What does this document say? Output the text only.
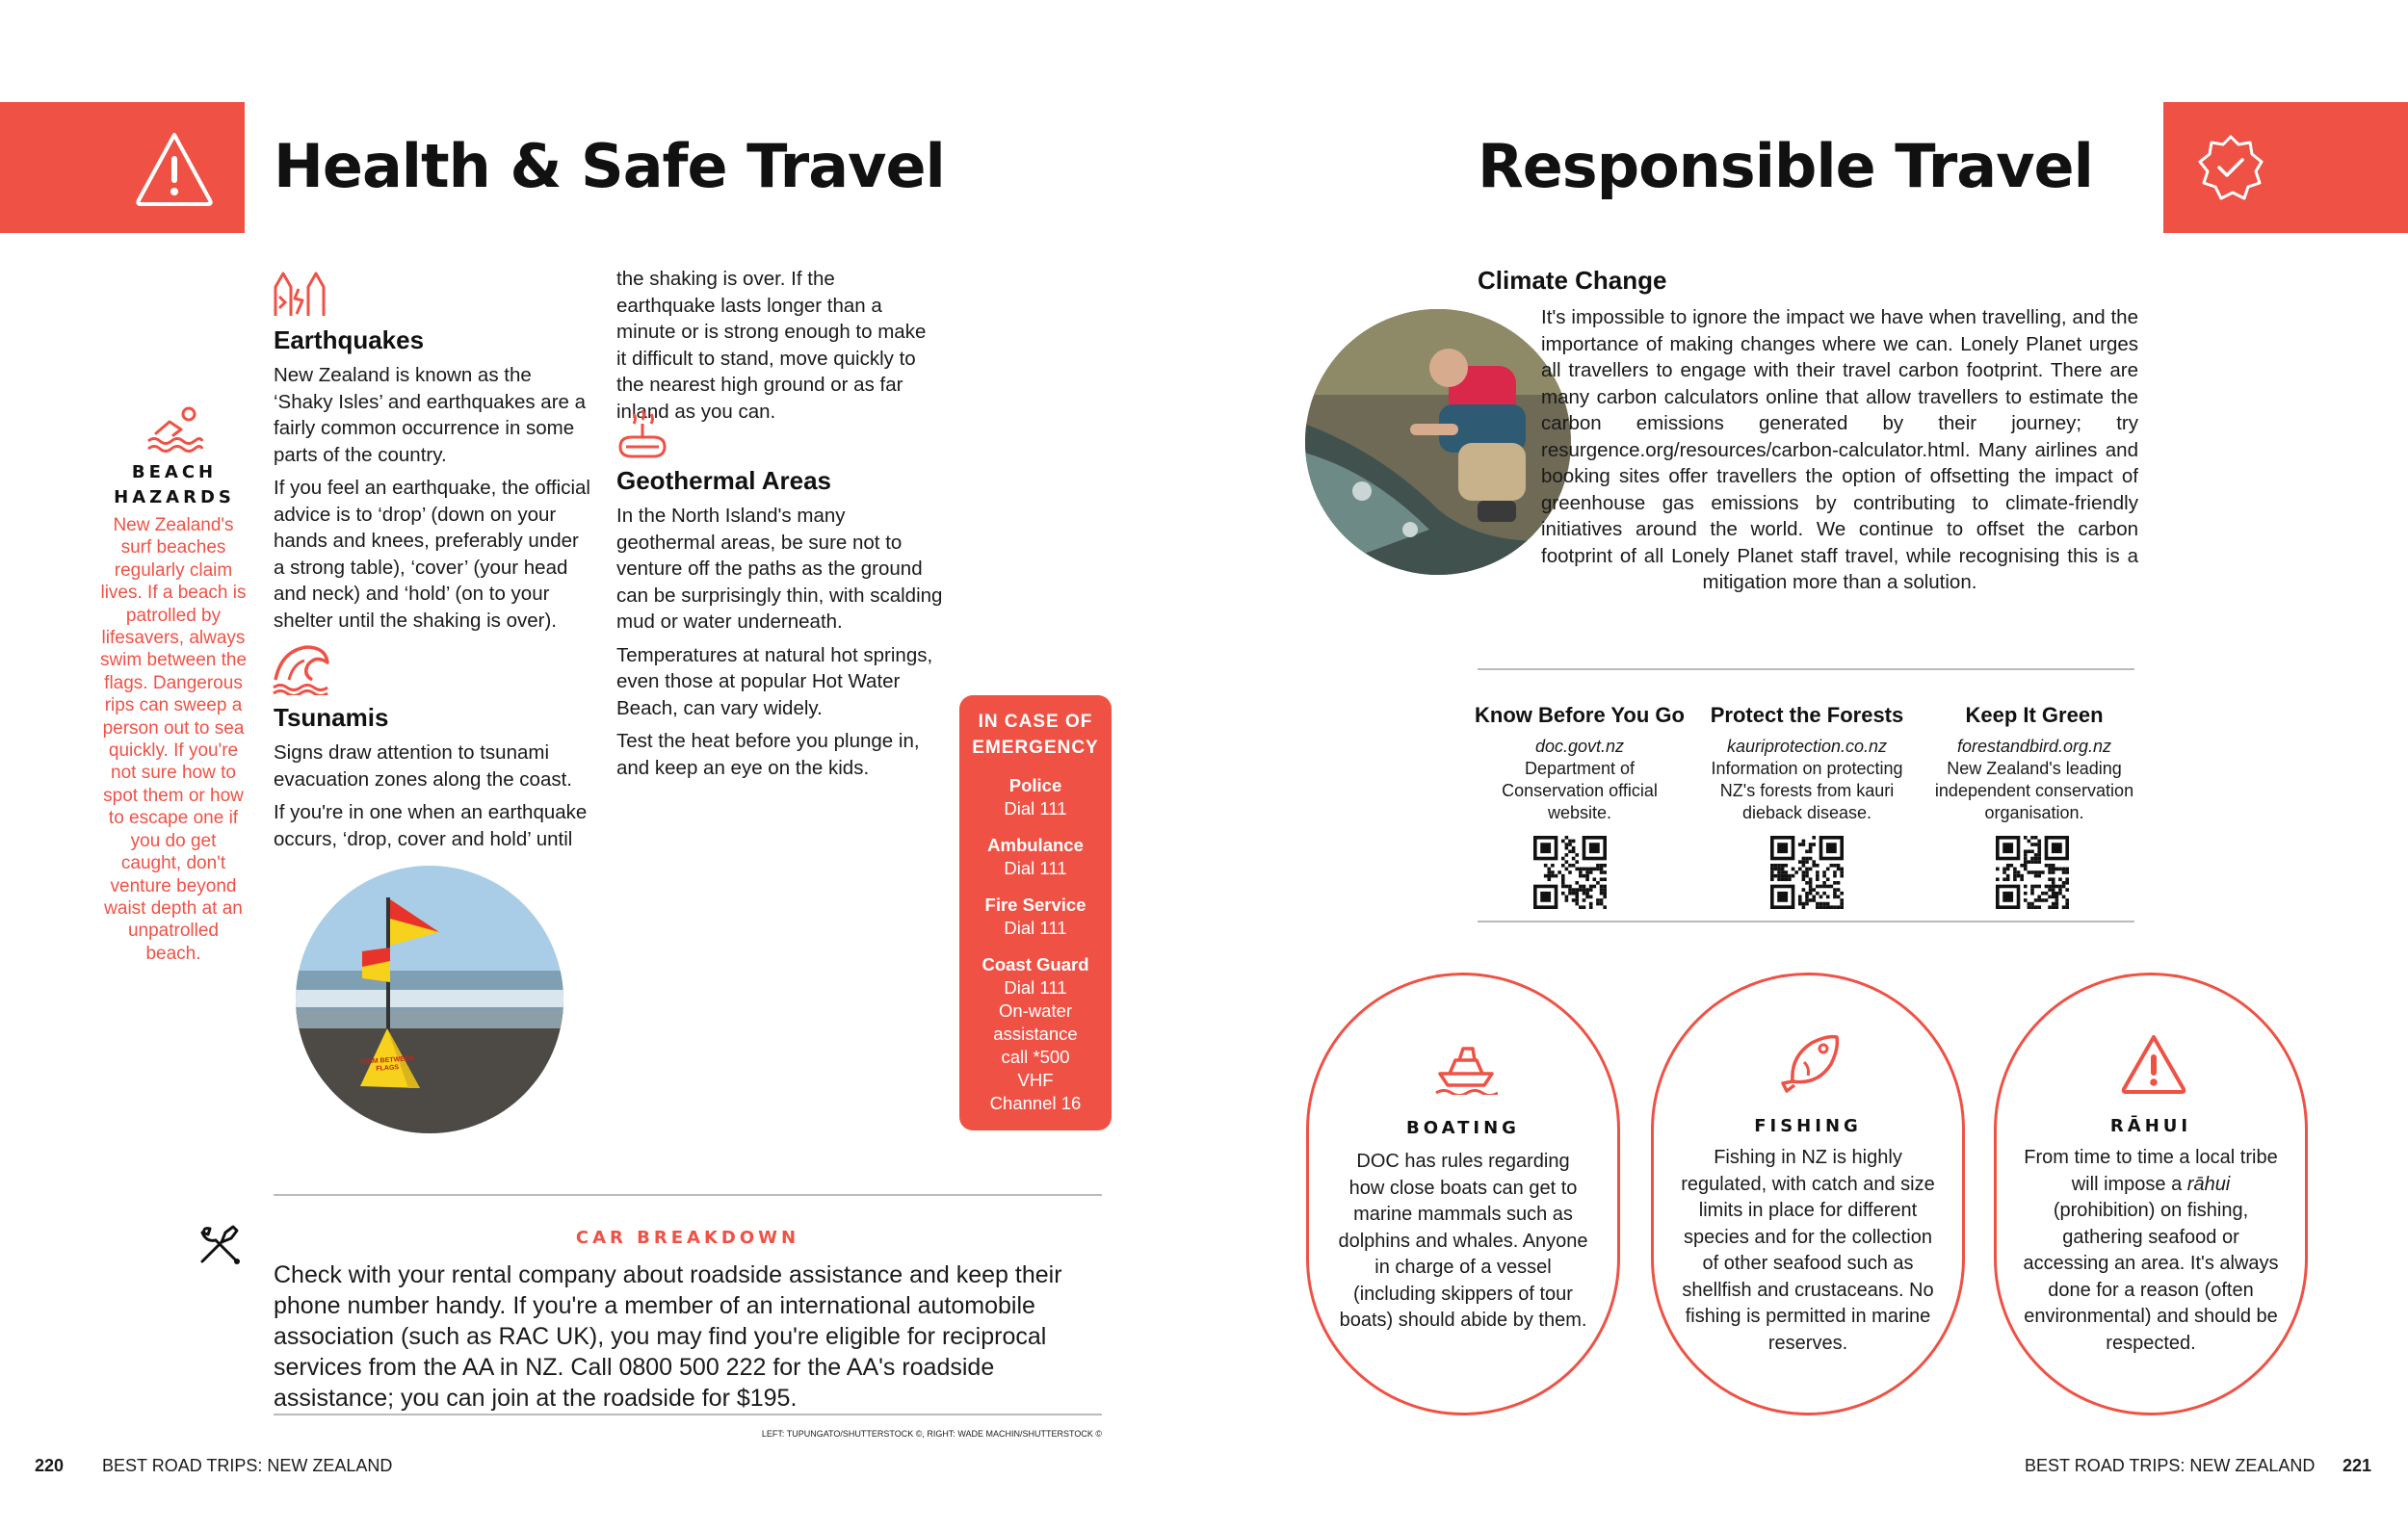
Health & Safe Travel
BEACH
HAZARDS
New Zealand's surf beaches regularly claim lives. If a beach is patrolled by lifesavers, always swim between the flags. Dangerous rips can sweep a person out to sea quickly. If you're not sure how to spot them or how to escape one if you do get caught, don't venture beyond waist depth at an unpatrolled beach.
Earthquakes

New Zealand is known as the ‘Shaky Isles’ and earthquakes are a fairly common occurrence in some parts of the country.

If you feel an earthquake, the official advice is to ‘drop’ (down on your hands and knees, preferably under a strong table), ‘cover’ (your head and neck) and ‘hold’ (on to your shelter until the shaking is over).

Tsunamis

Signs draw attention to tsunami evacuation zones along the coast.

If you're in one when an earthquake occurs, ‘drop, cover and hold’ until

SWIM BETWEEN FLAGS
the shaking is over. If the earthquake lasts longer than a minute or is strong enough to make it difficult to stand, move quickly to the nearest high ground or as far inland as you can.
Geothermal Areas

In the North Island's many geothermal areas, be sure not to venture off the paths as the ground can be surprisingly thin, with scalding mud or water underneath.

Temperatures at natural hot springs, even those at popular Hot Water Beach, can vary widely.

Test the heat before you plunge in, and keep an eye on the kids.

IN CASE OF
EMERGENCY
Police
Dial 111
Ambulance
Dial 111
Fire Service
Dial 111
Coast Guard
Dial 111
On-water
assistance
call *500
VHF
Channel 16
CAR BREAKDOWN
Check with your rental company about roadside assistance and keep their phone number handy. If you're a member of an international automobile association (such as RAC UK), you may find you're eligible for reciprocal services from the AA in NZ. Call 0800 500 222 for the AA's roadside assistance; you can join at the roadside for $195.
LEFT: TUPUNGATO/SHUTTERSTOCK ©, RIGHT: WADE MACHIN/SHUTTERSTOCK ©
220 BEST ROAD TRIPS: NEW ZEALAND
Responsible Travel
Climate Change
It's impossible to ignore the impact we have when travelling, and the importance of making changes where we can. Lonely Planet urges all travellers to engage with their travel carbon footprint. There are many carbon calculators online that allow travellers to estimate the carbon emissions generated by their journey; try resurgence.org/resources/carbon-calculator.html. Many airlines and booking sites offer travellers the option of offsetting the impact of greenhouse gas emissions by contributing to climate-friendly initiatives around the world. We continue to offset the carbon footprint of all Lonely Planet staff travel, while recognising this is a mitigation more than a solution.
Know Before You Go
doc.govt.nz
Department of Conservation official website.
Protect the Forests
kauriprotection.co.nz
Information on protecting NZ's forests from kauri dieback disease.
Keep It Green
forestandbird.org.nz
New Zealand's leading independent conservation organisation.
BOATING
DOC has rules regarding how close boats can get to marine mammals such as dolphins and whales. Anyone in charge of a vessel (including skippers of tour boats) should abide by them.
FISHING
Fishing in NZ is highly regulated, with catch and size limits in place for different species and for the collection of other seafood such as shellfish and crustaceans. No fishing is permitted in marine reserves.
RĀHUI
From time to time a local tribe will impose a rāhui (prohibition) on fishing, gathering seafood or accessing an area. It's always done for a reason (often environmental) and should be respected.
BEST ROAD TRIPS: NEW ZEALAND 221
